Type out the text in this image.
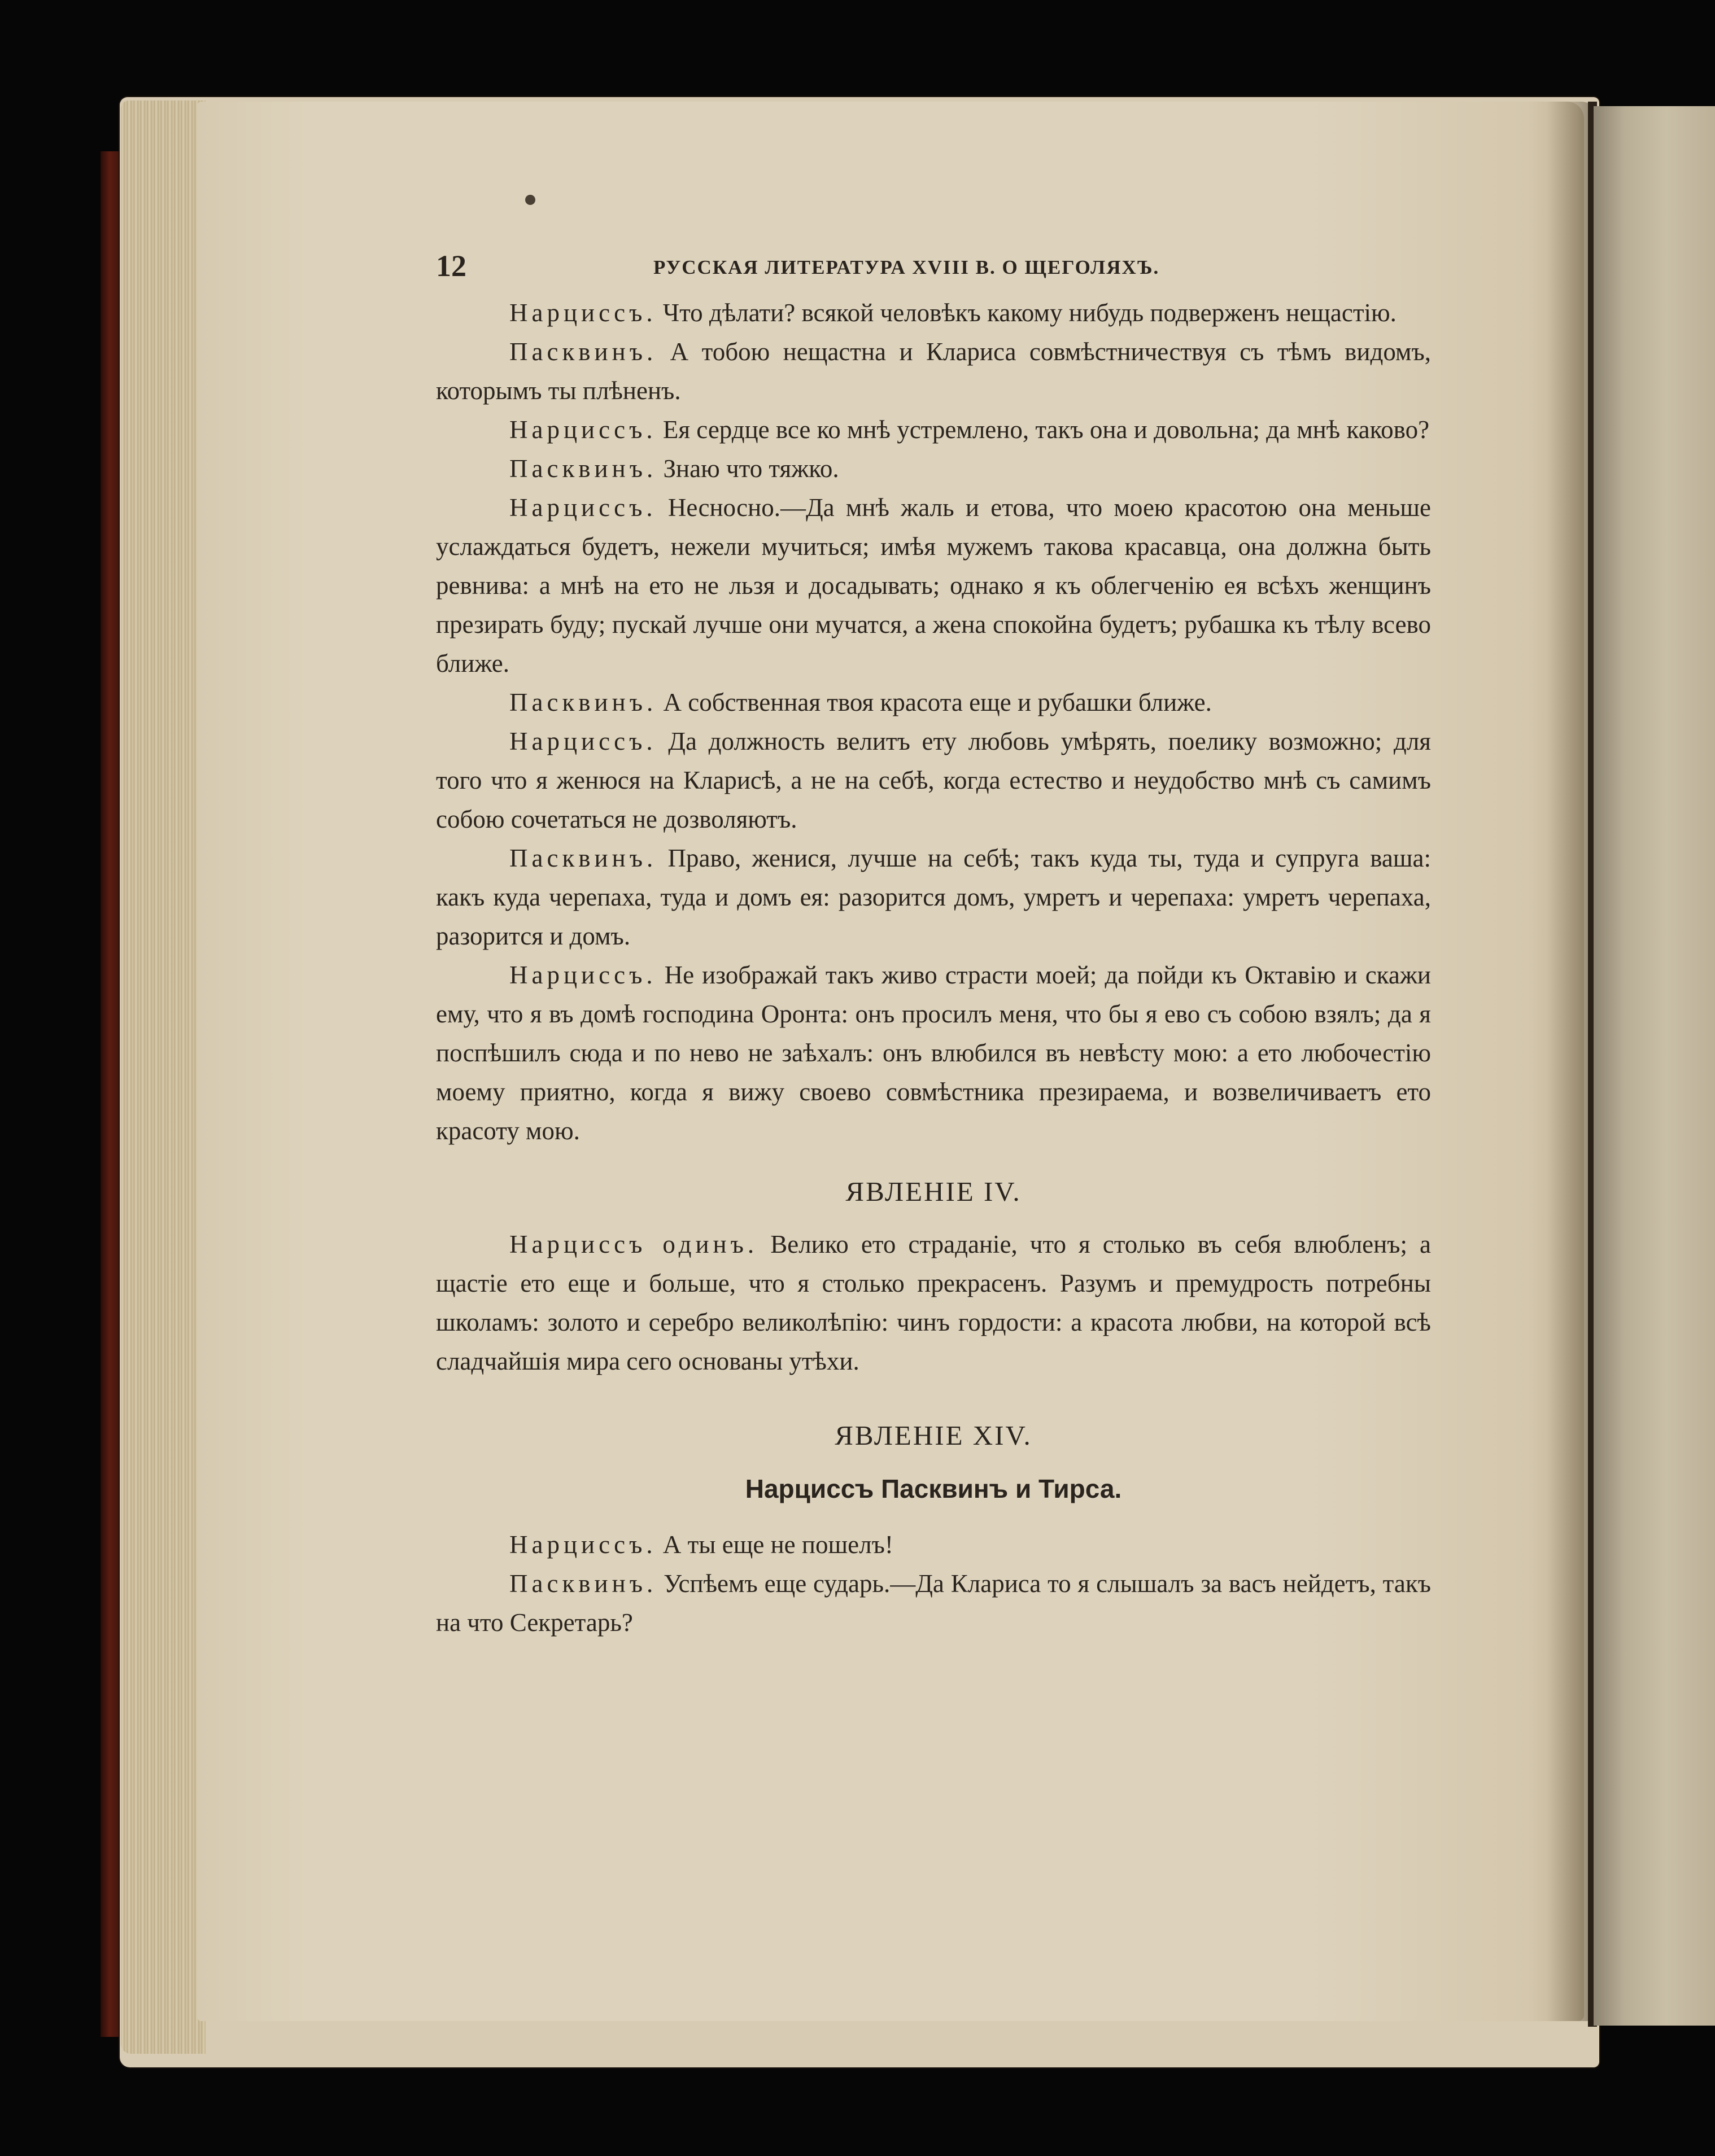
12	РУССКАЯ ЛИТЕРАТУРА XVIII В. О ЩЕГОЛЯХЪ.

Нарциссъ. Что дѣлати? всякой человѣкъ какому нибудь подверженъ нещастію.

Пасквинъ. А тобою нещастна и Клариса совмѣстничествуя съ тѣмъ видомъ, которымъ ты плѣненъ.

Нарциссъ. Ея сердце все ко мнѣ устремлено, такъ она и довольна; да мнѣ каково?

Пасквинъ. Знаю что тяжко.

Нарциссъ. Несносно.—Да мнѣ жаль и етова, что моею красотою она меньше услаждаться будетъ, нежели мучиться; имѣя мужемъ такова красавца, она должна быть ревнива: а мнѣ на ето не льзя и досадывать; однако я къ облегченію ея всѣхъ женщинъ презирать буду; пускай лучше они мучатся, а жена спокойна будетъ; рубашка къ тѣлу всево ближе.

Пасквинъ. А собственная твоя красота еще и рубашки ближе.

Нарциссъ. Да должность велитъ ету любовь умѣрять, поелику возможно; для того что я женюся на Кларисѣ, а не на себѣ, когда естество и неудобство мнѣ съ самимъ собою сочетаться не дозволяютъ.

Пасквинъ. Право, женися, лучше на себѣ; такъ куда ты, туда и супруга ваша: какъ куда черепаха, туда и домъ ея: разорится домъ, умретъ и черепаха: умретъ черепаха, разорится и домъ.

Нарциссъ. Не изображай такъ живо страсти моей; да пойди къ Октавію и скажи ему, что я въ домѣ господина Оронта: онъ просилъ меня, что бы я ево съ собою взялъ; да я поспѣшилъ сюда и по нево не заѣхалъ: онъ влюбился въ невѣсту мою: а ето любочестію моему приятно, когда я вижу своево совмѣстника презираема, и возвеличиваетъ ето красоту мою.

ЯВЛЕНІЕ IV.

Нарциссъ одинъ. Велико ето страданіе, что я столько въ себя влюбленъ; а щастіе ето еще и больше, что я столько прекрасенъ. Разумъ и премудрость потребны школамъ: золото и серебро великолѣпію: чинъ гордости: а красота любви, на которой всѣ сладчайшія мира сего основаны утѣхи.

ЯВЛЕНІЕ XIV.
Нарциссъ Пасквинъ и Тирса.

Нарциссъ. А ты еще не пошелъ!

Пасквинъ. Успѣемъ еще сударь.—Да Клариса то я слышалъ за васъ нейдетъ, такъ на что Секретарь?
